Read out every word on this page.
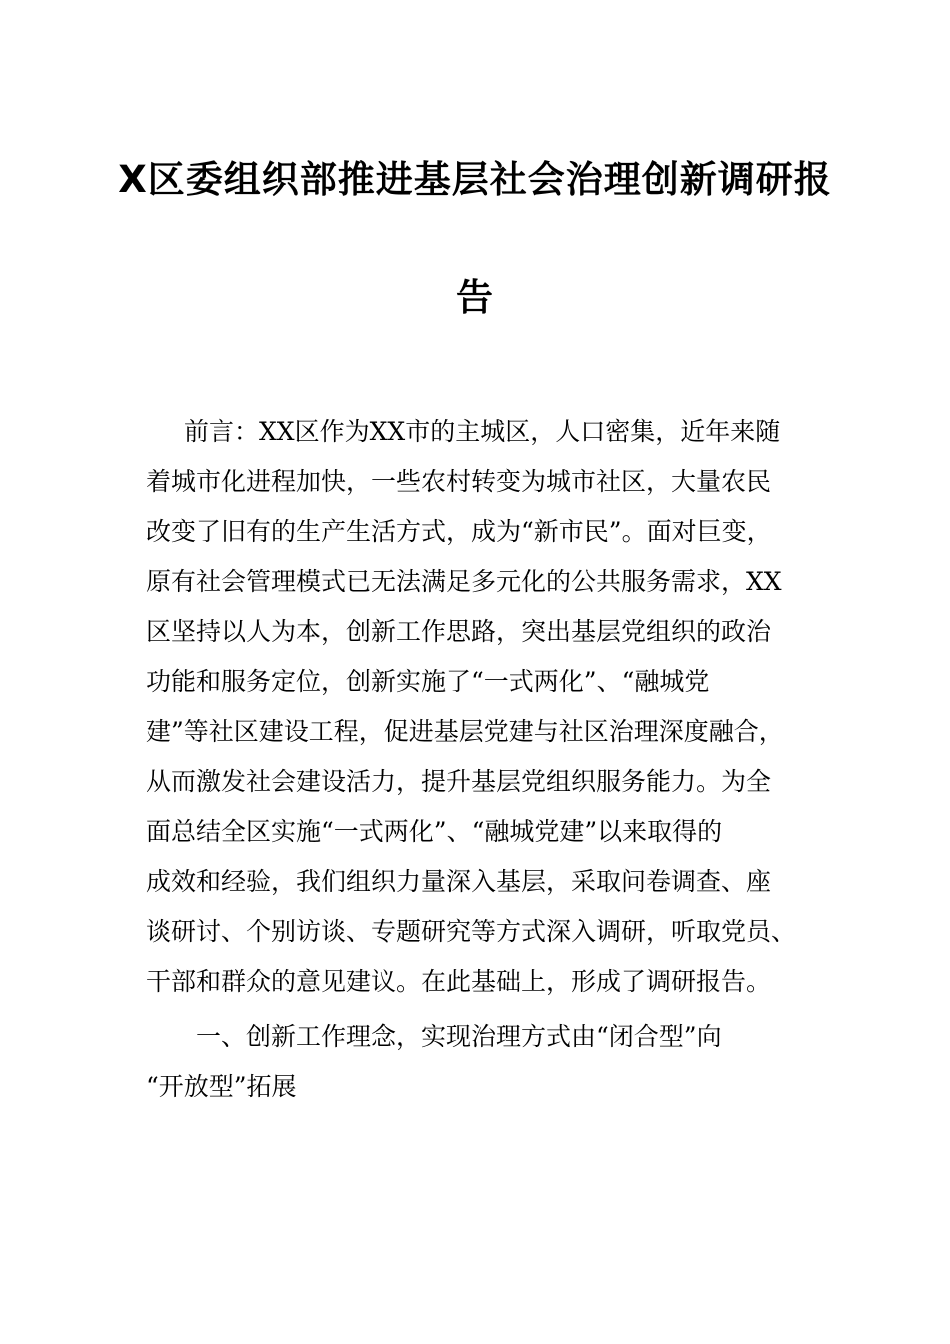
X区委组织部推进基层社会治理创新调研报
告
前言：XX区作为XX市的主城区，人口密集，近年来随
着城市化进程加快，一些农村转变为城市社区，大量农民
改变了旧有的生产生活方式，成为“新市民”。面对巨变，
原有社会管理模式已无法满足多元化的公共服务需求，XX
区坚持以人为本，创新工作思路，突出基层党组织的政治
功能和服务定位，创新实施了“一式两化”、“融城党
建”等社区建设工程，促进基层党建与社区治理深度融合，
从而激发社会建设活力，提升基层党组织服务能力。为全
面总结全区实施“一式两化”、“融城党建”以来取得的
成效和经验，我们组织力量深入基层，采取问卷调查、座
谈研讨、个别访谈、专题研究等方式深入调研，听取党员、
干部和群众的意见建议。在此基础上，形成了调研报告。
一、创新工作理念，实现治理方式由“闭合型”向
“开放型”拓展
